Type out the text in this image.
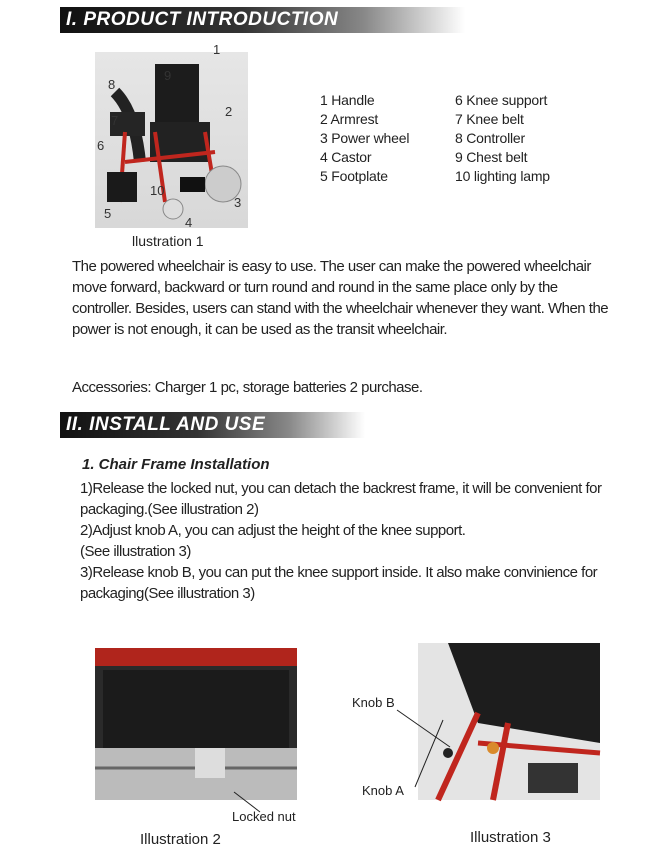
I. PRODUCT INTRODUCTION
1
2
3
4
5
6
7
8
9
10
llustration 1
1 Handle
2 Armrest
3 Power wheel
4 Castor
5 Footplate
6 Knee support
7 Knee belt
8 Controller
9 Chest belt
10 lighting lamp
The powered wheelchair is easy to use. The user can make the powered wheelchair move forward, backward or turn round and round in the same place only by the controller. Besides, users can stand with the wheelchair whenever they want. When the power is not enough, it can be used as the transit wheelchair.
Accessories: Charger 1 pc, storage batteries 2 purchase.
II. INSTALL AND USE
1. Chair Frame Installation
1)Release the locked nut, you can detach the backrest frame, it will be convenient for packaging.(See illustration 2)
2)Adjust knob A, you can adjust the height of the knee support.
(See illustration 3)
3)Release knob B, you can put the knee support inside. It also make convinience for packaging(See illustration 3)
Locked nut
Illustration 2
Knob B
Knob A
Illustration 3
